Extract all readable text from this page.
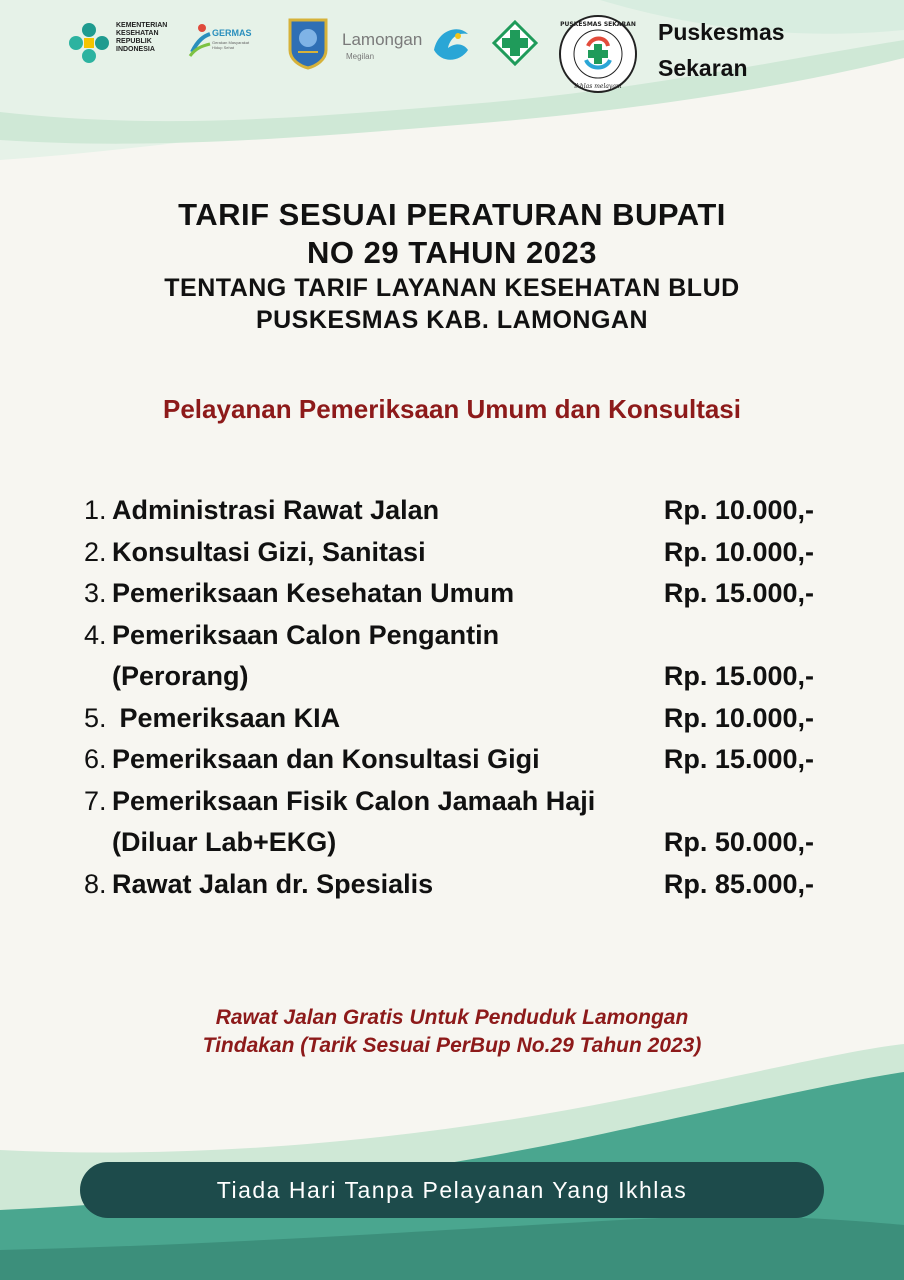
KEMENTERIAN KESEHATAN REPUBLIK INDONESIA
GERMAS
Gerakan Masyarakat Hidup Sehat	Lamongan
Megilan
PUSKESMAS SEKARAN
ikhlas melayani
Puskesmas
Sekaran
TARIF SESUAI PERATURAN BUPATI
NO 29 TAHUN 2023
TENTANG TARIF LAYANAN KESEHATAN BLUD
PUSKESMAS KAB. LAMONGAN
Pelayanan Pemeriksaan Umum dan Konsultasi
1. Administrasi Rawat Jalan	Rp. 10.000,-
2. Konsultasi Gizi, Sanitasi	Rp. 10.000,-
3. Pemeriksaan Kesehatan Umum	Rp. 15.000,-
4. Pemeriksaan Calon Pengantin (Perorang)	Rp. 15.000,-
5. Pemeriksaan KIA	Rp. 10.000,-
6. Pemeriksaan dan Konsultasi Gigi	Rp. 15.000,-
7. Pemeriksaan Fisik Calon Jamaah Haji (Diluar Lab+EKG)	Rp. 50.000,-
8. Rawat Jalan dr. Spesialis	Rp. 85.000,-
Rawat Jalan Gratis Untuk Penduduk Lamongan
Tindakan (Tarik Sesuai PerBup No.29 Tahun 2023)
Tiada Hari Tanpa Pelayanan Yang Ikhlas
